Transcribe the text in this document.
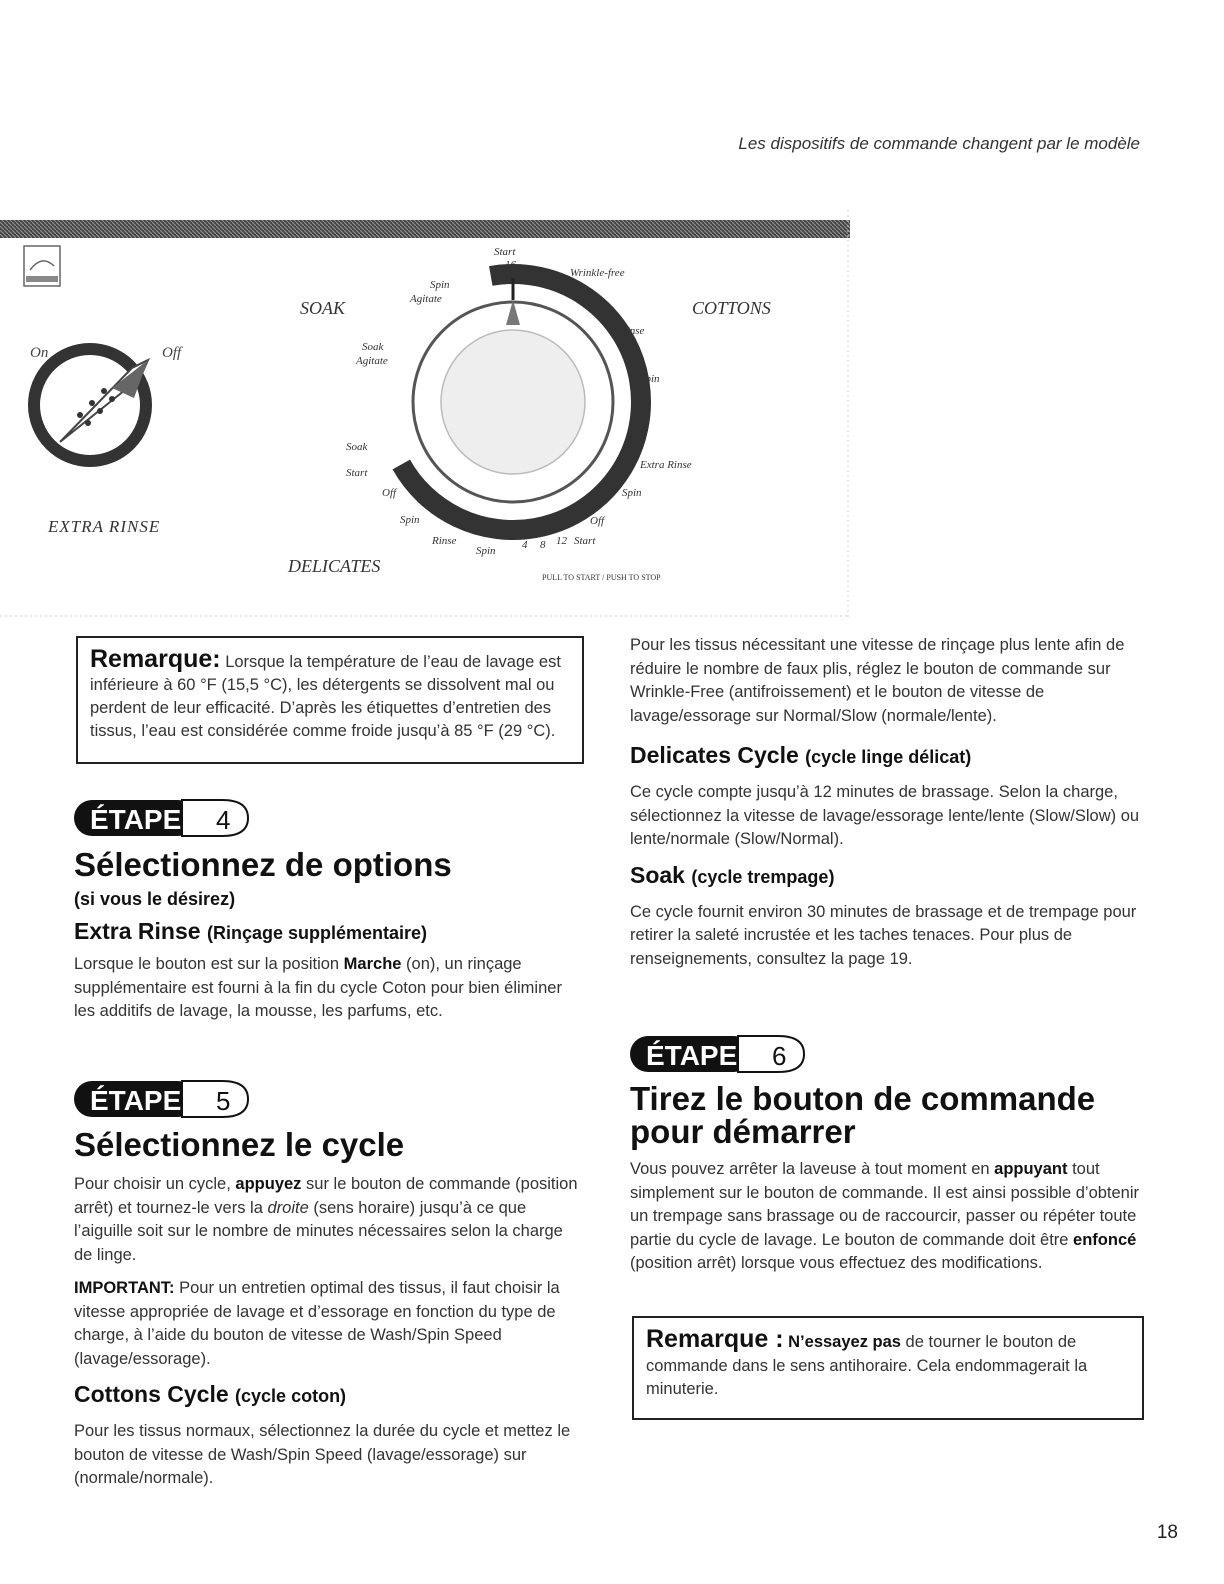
Les dispositifs de commande changent par le modèle
On	Off
EXTRA RINSE
SOAK	COTTONS
DELICATES
PULL TO START / PUSH TO STOP
Start
16
12
8
Wrinkle-free
4
Spin
Spin
Agitate
Soak
Agitate
Soak
Start
Off
Spin
Rinse
Spin
Off
Extra Rinse
Spin
Off
Rinse
Spin 4 8 12 Start

Remarque: Lorsque la température de l’eau de lavage est inférieure à 60 °F (15,5 °C), les détergents se dissolvent mal ou perdent de leur efficacité. D’après les étiquettes d’entretien des tissus, l’eau est considérée comme froide jusqu’à 85 °F (29 °C).

ÉTAPE 4
Sélectionnez de options
(si vous le désirez)
Extra Rinse (Rinçage supplémentaire)

Lorsque le bouton est sur la position Marche (on), un rinçage supplémentaire est fourni à la fin du cycle Coton pour bien éliminer les additifs de lavage, la mousse, les parfums, etc.

ÉTAPE 5
Sélectionnez le cycle

Pour choisir un cycle, appuyez sur le bouton de commande (position arrêt) et tournez-le vers la droite (sens horaire) jusqu’à ce que l’aiguille soit sur le nombre de minutes nécessaires selon la charge de linge.

IMPORTANT: Pour un entretien optimal des tissus, il faut choisir la vitesse appropriée de lavage et d’essorage en fonction du type de charge, à l’aide du bouton de vitesse de Wash/Spin Speed (lavage/essorage).

Cottons Cycle (cycle coton)

Pour les tissus normaux, sélectionnez la durée du cycle et mettez le bouton de vitesse de Wash/Spin Speed (lavage/essorage) sur (normale/normale).

Pour les tissus nécessitant une vitesse de rinçage plus lente afin de réduire le nombre de faux plis, réglez le bouton de commande sur Wrinkle-Free (antifroissement) et le bouton de vitesse de lavage/essorage sur Normal/Slow (normale/lente).

Delicates Cycle (cycle linge délicat)

Ce cycle compte jusqu’à 12 minutes de brassage. Selon la charge, sélectionnez la vitesse de lavage/essorage lente/lente (Slow/Slow) ou lente/normale (Slow/Normal).

Soak (cycle trempage)

Ce cycle fournit environ 30 minutes de brassage et de trempage pour retirer la saleté incrustée et les taches tenaces. Pour plus de renseignements, consultez la page 19.

ÉTAPE 6
Tirez le bouton de commande
pour démarrer

Vous pouvez arrêter la laveuse à tout moment en appuyant tout simplement sur le bouton de commande. Il est ainsi possible d’obtenir un trempage sans brassage ou de raccourcir, passer ou répéter toute partie du cycle de lavage. Le bouton de commande doit être enfoncé (position arrêt) lorsque vous effectuez des modifications.

Remarque : N’essayez pas de tourner le bouton de commande dans le sens antihoraire. Cela endommagerait la minuterie.

18
